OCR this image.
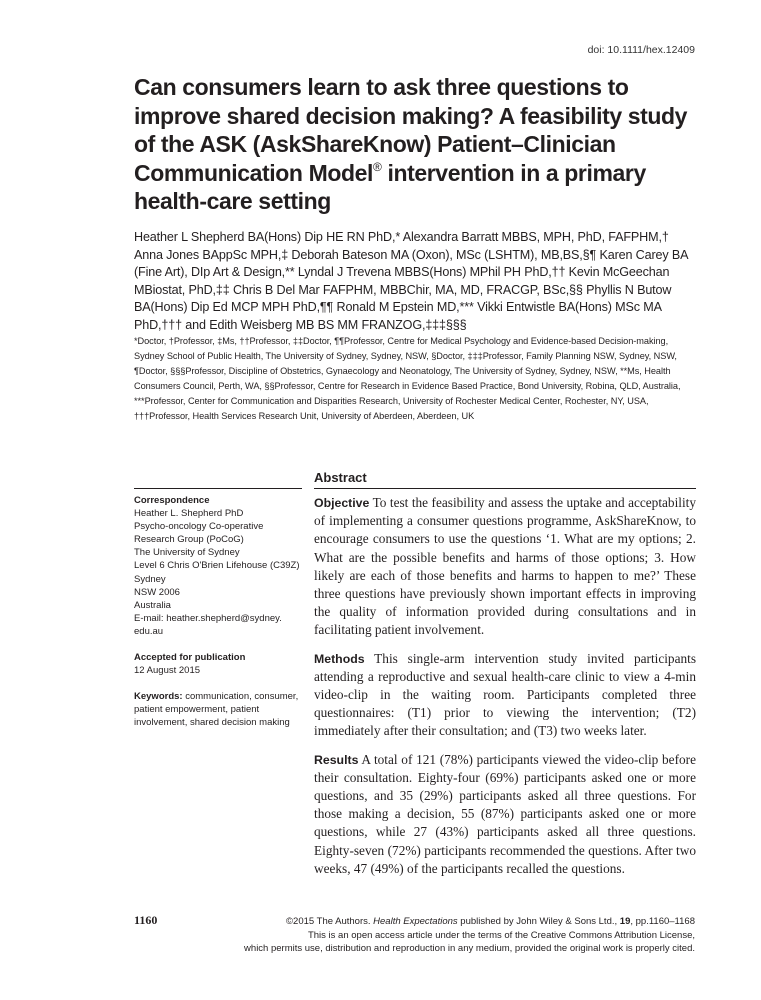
doi: 10.1111/hex.12409
Can consumers learn to ask three questions to improve shared decision making? A feasibility study of the ASK (AskShareKnow) Patient–Clinician Communication Model® intervention in a primary health-care setting
Heather L Shepherd BA(Hons) Dip HE RN PhD,* Alexandra Barratt MBBS, MPH, PhD, FAFPHM,† Anna Jones BAppSc MPH,‡ Deborah Bateson MA (Oxon), MSc (LSHTM), MB,BS,§¶ Karen Carey BA (Fine Art), DIp Art & Design,** Lyndal J Trevena MBBS(Hons) MPhil PH PhD,†† Kevin McGeechan MBiostat, PhD,‡‡ Chris B Del Mar FAFPHM, MBBChir, MA, MD, FRACGP, BSc,§§ Phyllis N Butow BA(Hons) Dip Ed MCP MPH PhD,¶¶ Ronald M Epstein MD,*** Vikki Entwistle BA(Hons) MSc MA PhD,††† and Edith Weisberg MB BS MM FRANZOG,‡‡‡§§§
*Doctor, †Professor, ‡Ms, ††Professor, ‡‡Doctor, ¶¶Professor, Centre for Medical Psychology and Evidence-based Decision-making, Sydney School of Public Health, The University of Sydney, Sydney, NSW, §Doctor, ‡‡‡Professor, Family Planning NSW, Sydney, NSW, ¶Doctor, §§§Professor, Discipline of Obstetrics, Gynaecology and Neonatology, The University of Sydney, Sydney, NSW, **Ms, Health Consumers Council, Perth, WA, §§Professor, Centre for Research in Evidence Based Practice, Bond University, Robina, QLD, Australia, ***Professor, Center for Communication and Disparities Research, University of Rochester Medical Center, Rochester, NY, USA, †††Professor, Health Services Research Unit, University of Aberdeen, Aberdeen, UK
Abstract
Correspondence
Heather L. Shepherd PhD
Psycho-oncology Co-operative
Research Group (PoCoG)
The University of Sydney
Level 6 Chris O'Brien Lifehouse (C39Z)
Sydney
NSW 2006
Australia
E-mail: heather.shepherd@sydney.
edu.au
Accepted for publication
12 August 2015
Keywords: communication, consumer, patient empowerment, patient involvement, shared decision making

Objective To test the feasibility and assess the uptake and acceptability of implementing a consumer questions programme, AskShareKnow, to encourage consumers to use the questions ‘1. What are my options; 2. What are the possible benefits and harms of those options; 3. How likely are each of those benefits and harms to happen to me?’ These three questions have previously shown important effects in improving the quality of information provided during consultations and in facilitating patient involvement.

Methods This single-arm intervention study invited participants attending a reproductive and sexual health-care clinic to view a 4-min video-clip in the waiting room. Participants completed three questionnaires: (T1) prior to viewing the intervention; (T2) immediately after their consultation; and (T3) two weeks later.

Results A total of 121 (78%) participants viewed the video-clip before their consultation. Eighty-four (69%) participants asked one or more questions, and 35 (29%) participants asked all three questions. For those making a decision, 55 (87%) participants asked one or more questions, while 27 (43%) participants asked all three questions. Eighty-seven (72%) participants recommended the questions. After two weeks, 47 (49%) of the participants recalled the questions.

1160	©2015 The Authors. Health Expectations published by John Wiley & Sons Ltd., 19, pp.1160–1168
This is an open access article under the terms of the Creative Commons Attribution License,
which permits use, distribution and reproduction in any medium, provided the original work is properly cited.
